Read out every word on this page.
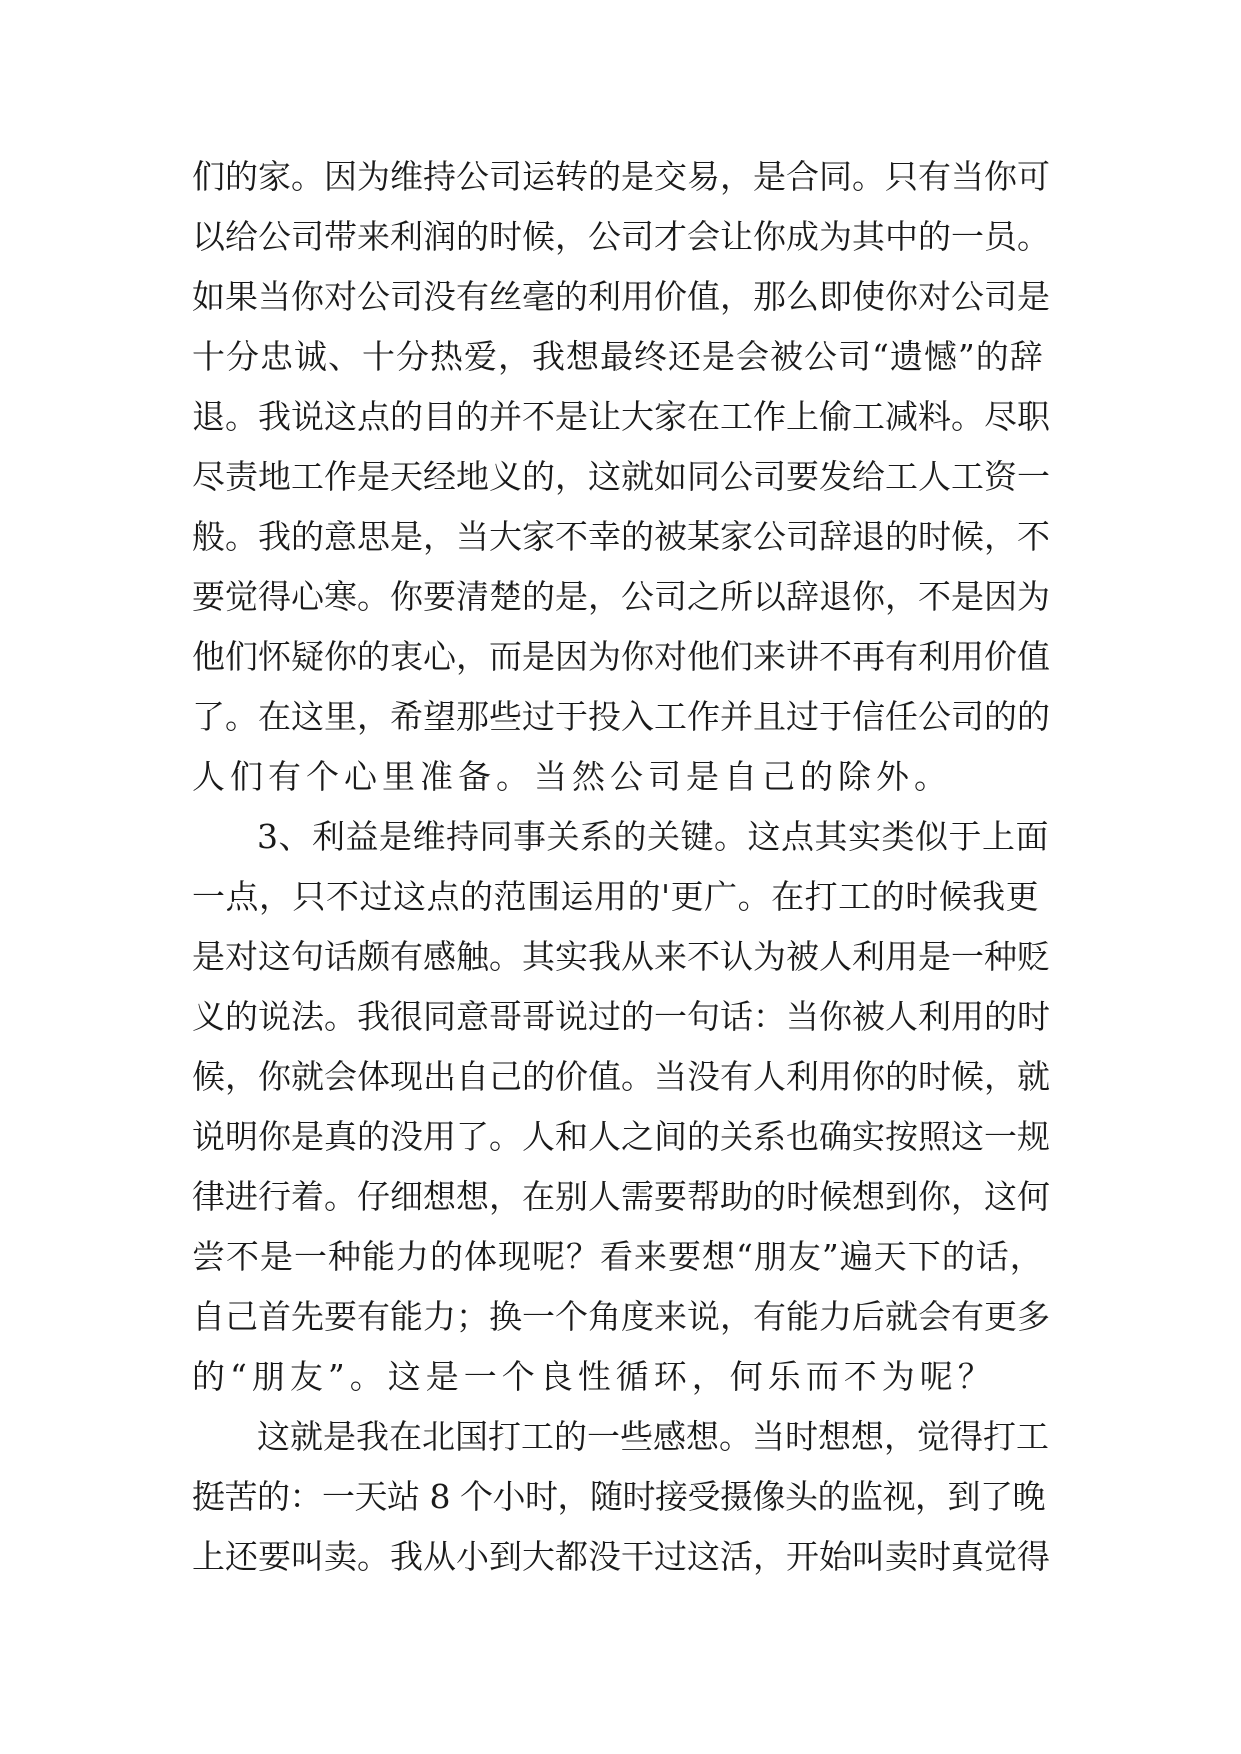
们的家。因为维持公司运转的是交易，是合同。只有当你可
以给公司带来利润的时候，公司才会让你成为其中的一员。
如果当你对公司没有丝毫的利用价值，那么即使你对公司是
十分忠诚、十分热爱，我想最终还是会被公司“遗憾”的辞
退。我说这点的目的并不是让大家在工作上偷工减料。尽职
尽责地工作是天经地义的，这就如同公司要发给工人工资一
般。我的意思是，当大家不幸的被某家公司辞退的时候，不
要觉得心寒。你要清楚的是，公司之所以辞退你，不是因为
他们怀疑你的衷心，而是因为你对他们来讲不再有利用价值
了。在这里，希望那些过于投入工作并且过于信任公司的的
人们有个心里准备。当然公司是自己的除外。
3、利益是维持同事关系的关键。这点其实类似于上面
一点，只不过这点的范围运用的'更广。在打工的时候我更
是对这句话颇有感触。其实我从来不认为被人利用是一种贬
义的说法。我很同意哥哥说过的一句话：当你被人利用的时
候，你就会体现出自己的价值。当没有人利用你的时候，就
说明你是真的没用了。人和人之间的关系也确实按照这一规
律进行着。仔细想想，在别人需要帮助的时候想到你，这何
尝不是一种能力的体现呢？看来要想“朋友”遍天下的话，
自己首先要有能力；换一个角度来说，有能力后就会有更多
的“朋友”。这是一个良性循环，何乐而不为呢？
这就是我在北国打工的一些感想。当时想想，觉得打工
挺苦的：一天站 8 个小时，随时接受摄像头的监视，到了晚
上还要叫卖。我从小到大都没干过这活，开始叫卖时真觉得
